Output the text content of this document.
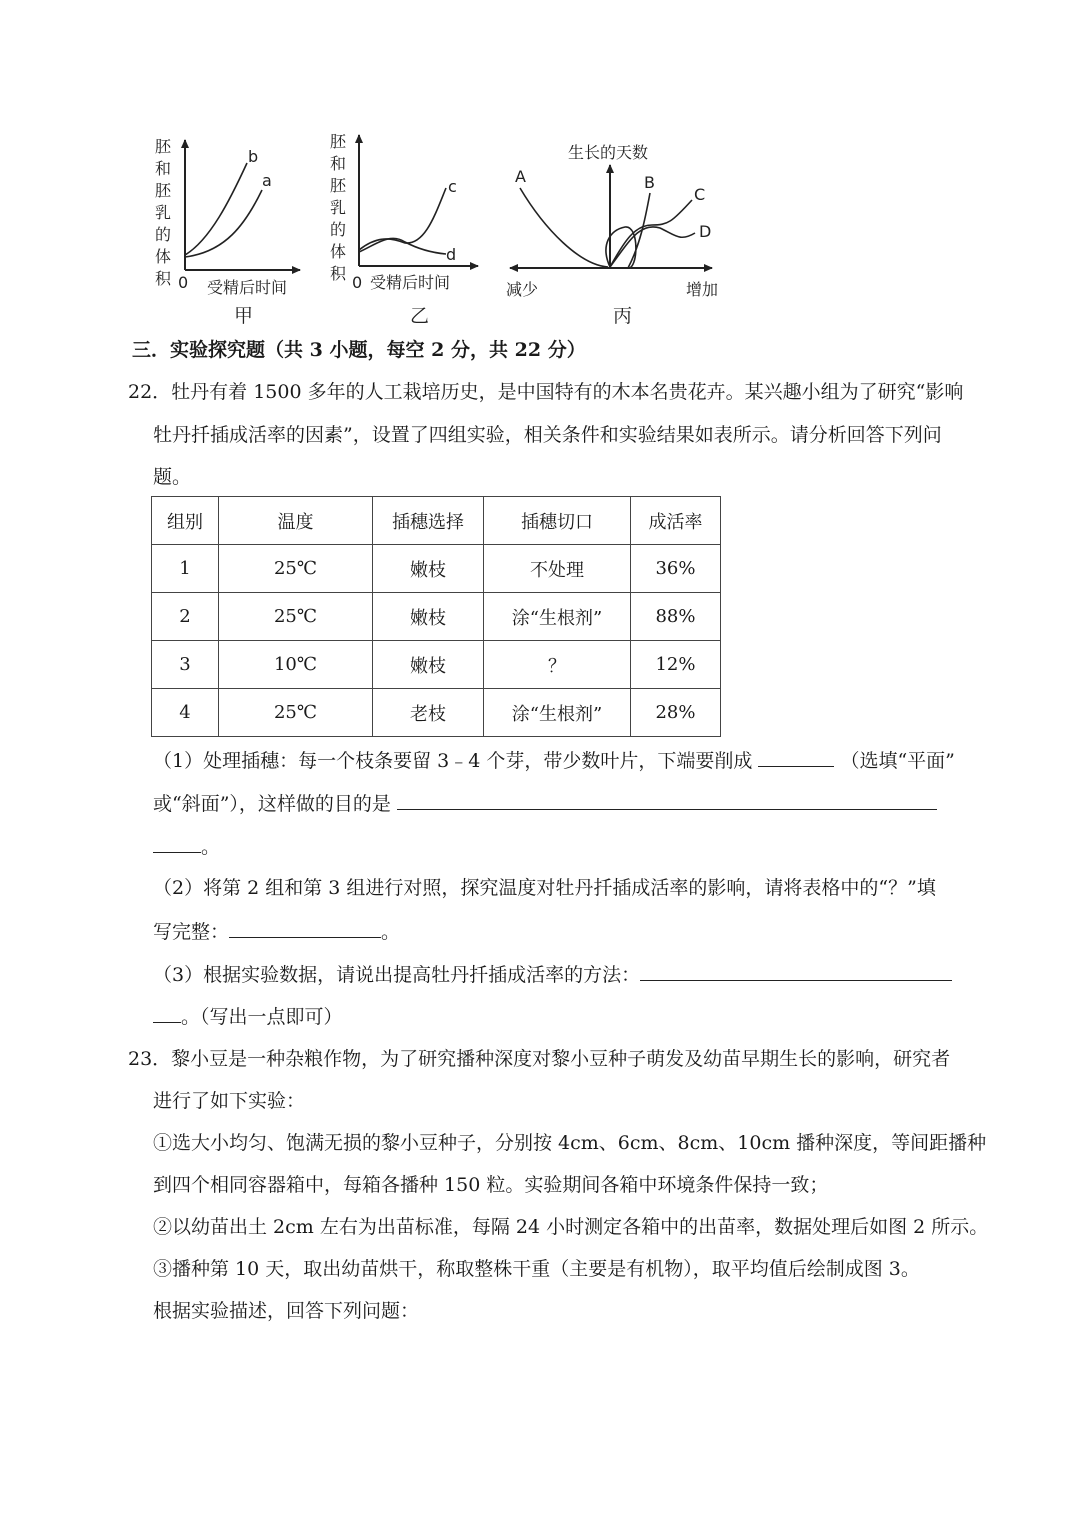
胚
和
胚
乳
的
体
积 0 受精后时间
b
a
甲
胚
和
胚
乳
的
体
积 0 受精后时间
c
d
乙
生长的天数
减少	增加
A	B
C
D
丙
三．实验探究题（共 3 小题，每空 2 分，共 22 分）
22．牡丹有着 1500 多年的人工栽培历史，是中国特有的木本名贵花卉。某兴趣小组为了研究“影响
牡丹扦插成活率的因素”，设置了四组实验，相关条件和实验结果如表所示。请分析回答下列问
题。
组别	温度	插穗选择	插穗切口	成活率
1	25℃	嫩枝	不处理	36%
2	25℃	嫩枝	涂“生根剂”	88%
3	10℃	嫩枝	？	12%
4	25℃	老枝	涂“生根剂”	28%
（1）处理插穗：每一个枝条要留 3﹣4 个芽，带少数叶片，下端要削成	（选填“平面”
或“斜面”），这样做的目的是
。
（2）将第 2 组和第 3 组进行对照，探究温度对牡丹扦插成活率的影响，请将表格中的“？”填
写完整：	。
（3）根据实验数据，请说出提高牡丹扦插成活率的方法：
。（写出一点即可）
23．黎小豆是一种杂粮作物，为了研究播种深度对黎小豆种子萌发及幼苗早期生长的影响，研究者
进行了如下实验：
①选大小均匀、饱满无损的黎小豆种子，分别按 4cm、6cm、8cm、10cm 播种深度，等间距播种
到四个相同容器箱中，每箱各播种 150 粒。实验期间各箱中环境条件保持一致；
②以幼苗出土 2cm 左右为出苗标准，每隔 24 小时测定各箱中的出苗率，数据处理后如图 2 所示。
③播种第 10 天，取出幼苗烘干，称取整株干重（主要是有机物），取平均值后绘制成图 3。
根据实验描述，回答下列问题：
